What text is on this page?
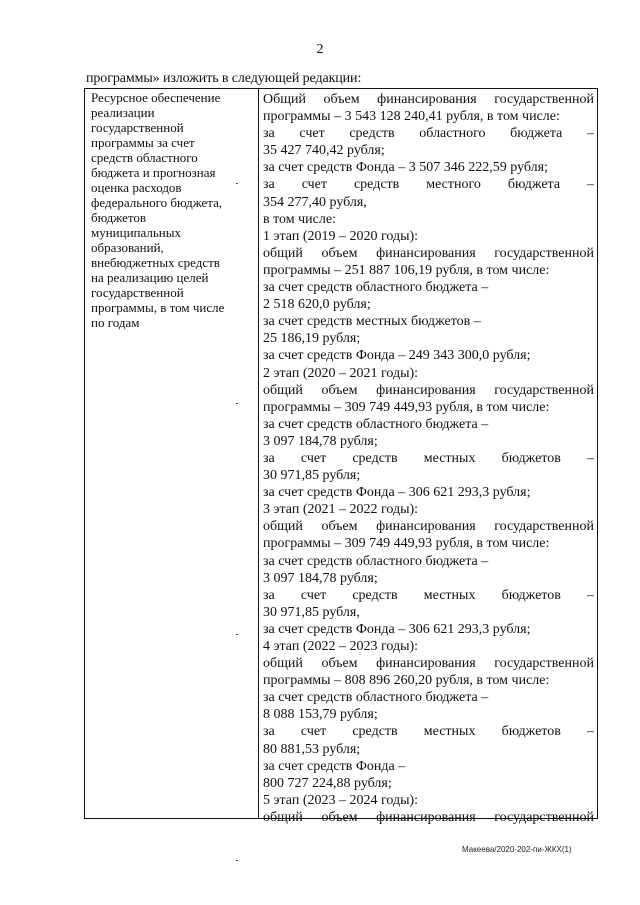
2
программы» изложить в следующей редакции:
Ресурсное обеспечение
реализации
государственной
программы за счет
средств областного
бюджета и прогнозная
оценка расходов
федерального бюджета,
бюджетов
муниципальных
образований,
внебюджетных средств
на реализацию целей
государственной
программы, в том числе
по годам
Общий объем финансирования государственной
программы – 3 543 128 240,41 рубля, в том числе:
за счет средств областного бюджета –
35 427 740,42 рубля;
за счет средств Фонда – 3 507 346 222,59 рубля;
за счет средств местного бюджета –
354 277,40 рубля,
в том числе:
1 этап (2019 – 2020 годы):
общий объем финансирования государственной
программы – 251 887 106,19 рубля, в том числе:
за счет средств областного бюджета –
2 518 620,0 рубля;
за счет средств местных бюджетов –
25 186,19 рубля;
за счет средств Фонда – 249 343 300,0 рубля;
2 этап (2020 – 2021 годы):
общий объем финансирования государственной
программы – 309 749 449,93 рубля, в том числе:
за счет средств областного бюджета –
3 097 184,78 рубля;
за счет средств местных бюджетов –
30 971,85 рубля;
за счет средств Фонда – 306 621 293,3 рубля;
3 этап (2021 – 2022 годы):
общий объем финансирования государственной
программы – 309 749 449,93 рубля, в том числе:
за счет средств областного бюджета –
3 097 184,78 рубля;
за счет средств местных бюджетов –
30 971,85 рубля,
за счет средств Фонда – 306 621 293,3 рубля;
4 этап (2022 – 2023 годы):
общий объем финансирования государственной
программы – 808 896 260,20 рубля, в том числе:
за счет средств областного бюджета –
8 088 153,79 рубля;
за счет средств местных бюджетов –
80 881,53 рубля;
за счет средств Фонда –
800 727 224,88 рубля;
5 этап (2023 – 2024 годы):
общий объем финансирования государственной
Макеева/2020-202-пи-ЖКХ(1)
